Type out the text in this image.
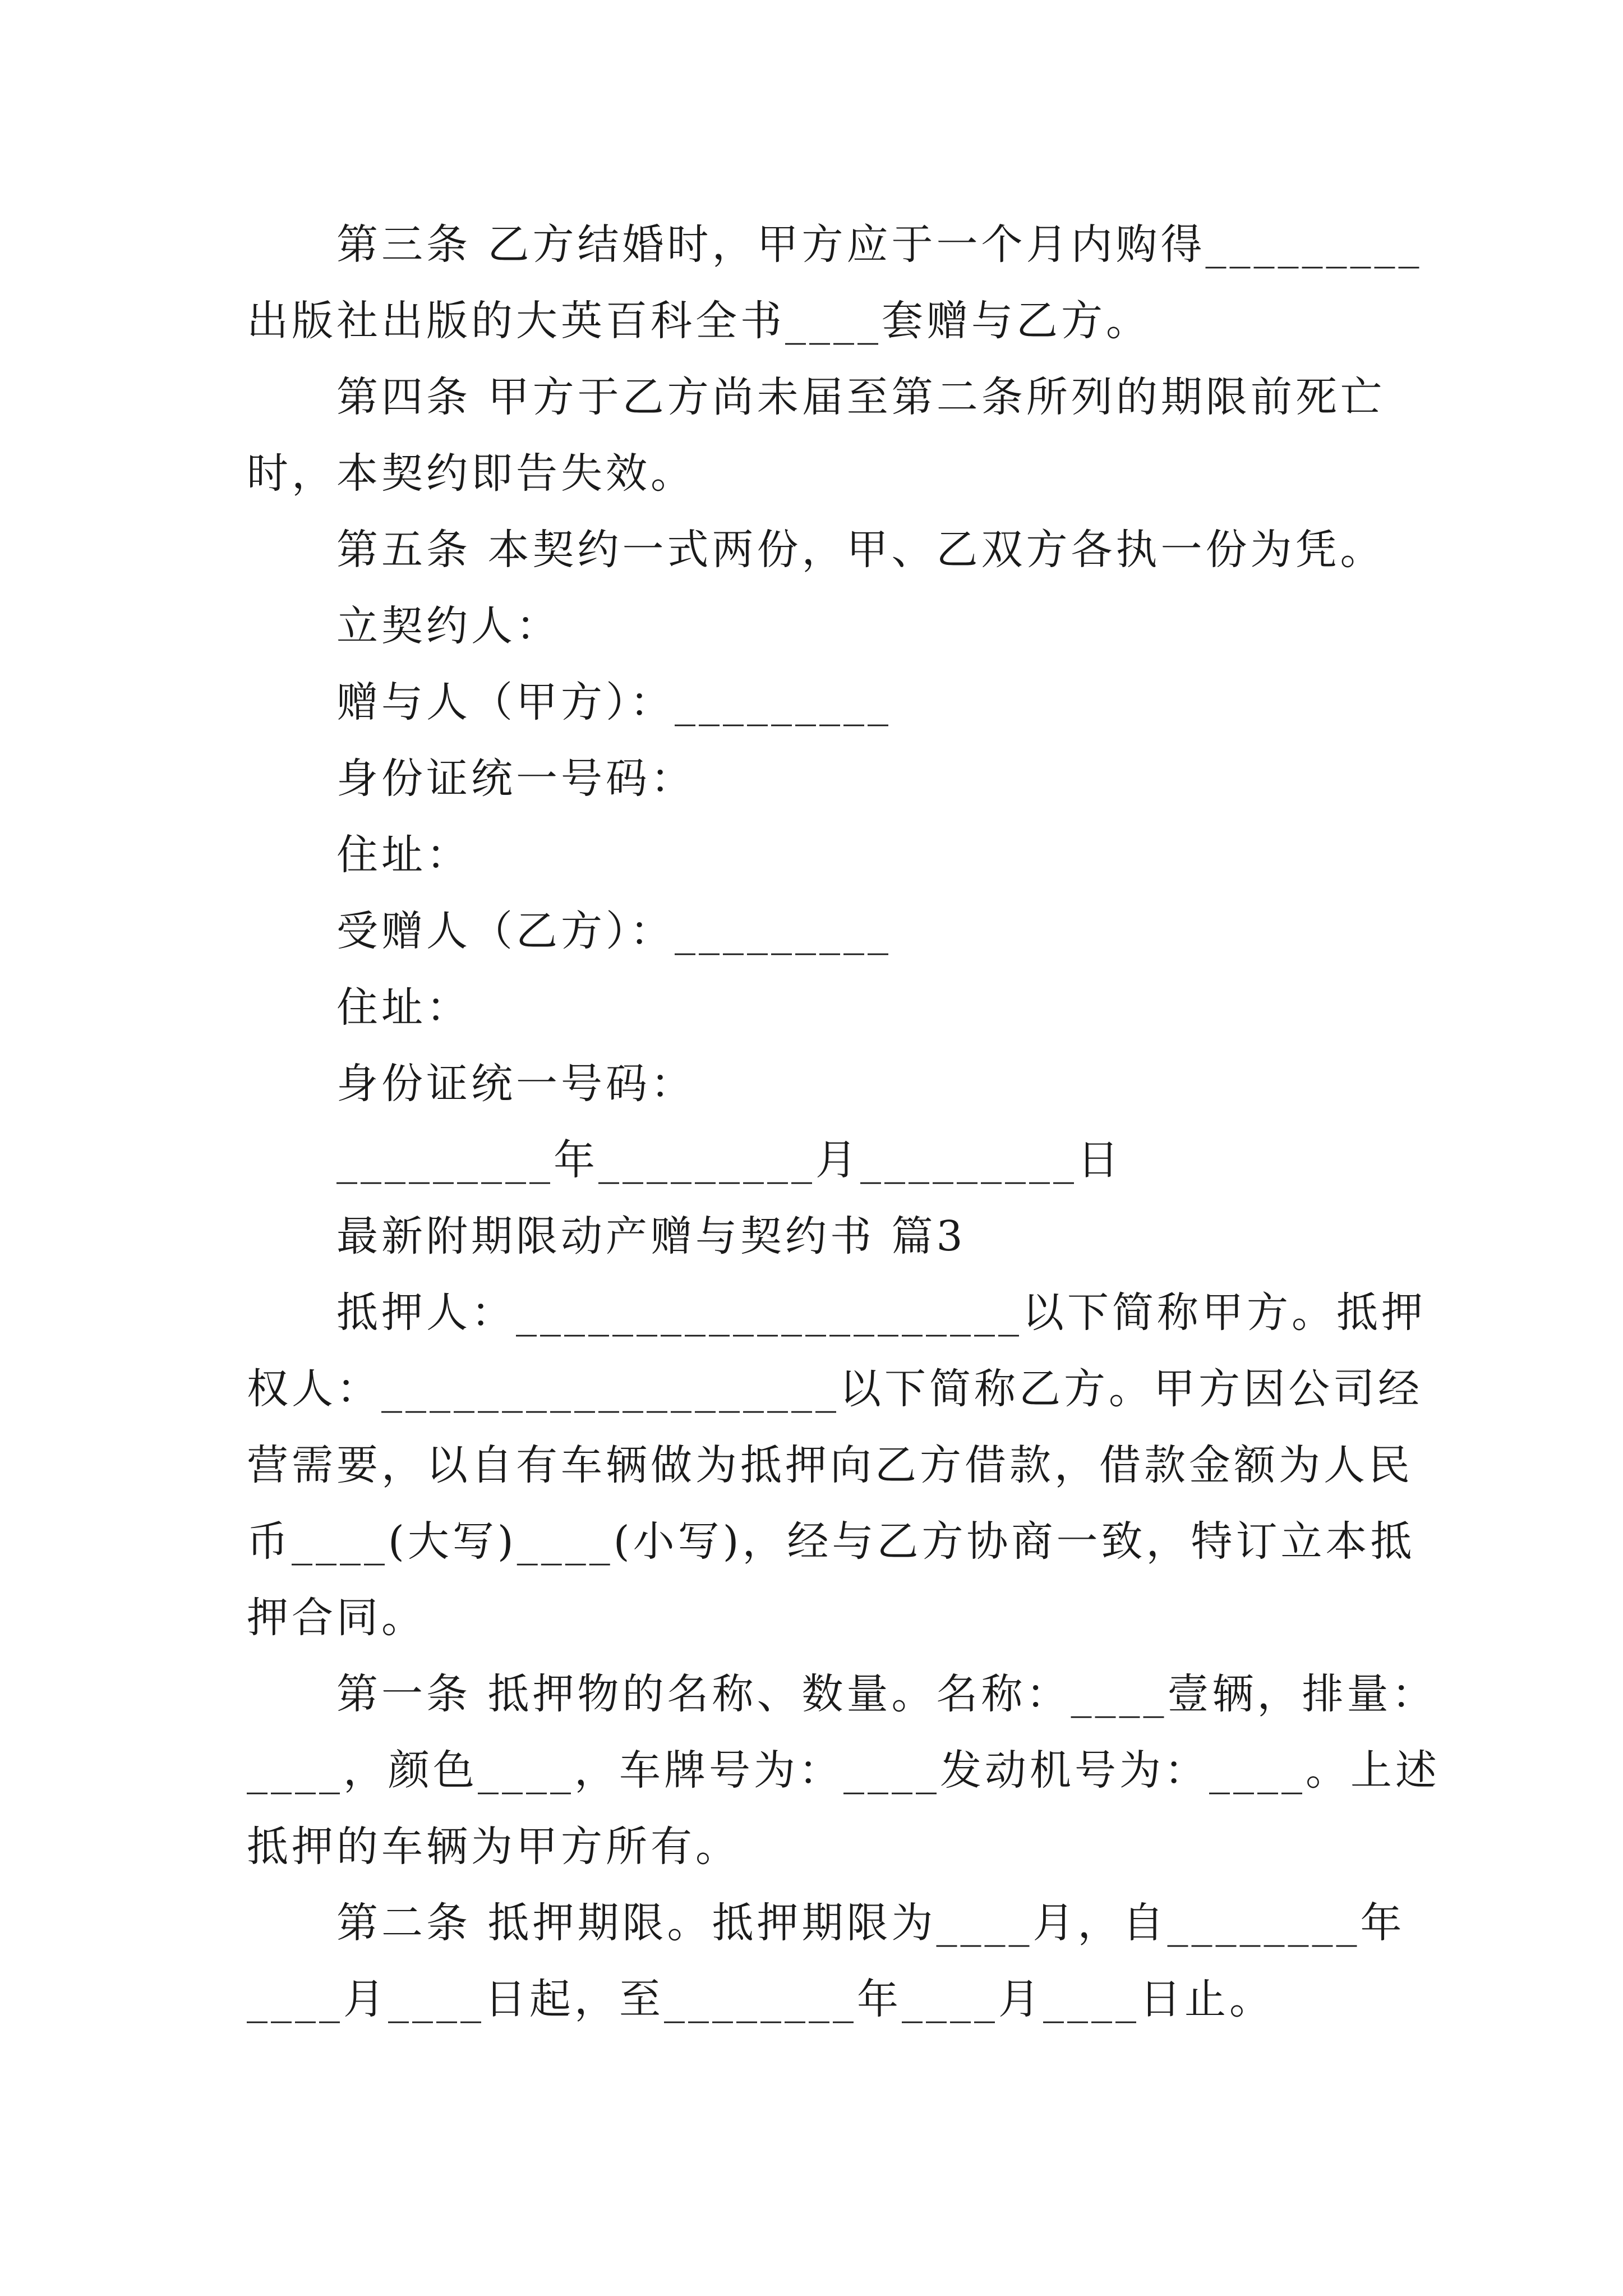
第三条 乙方结婚时，甲方应于一个月内购得_________
出版社出版的大英百科全书____套赠与乙方。
第四条 甲方于乙方尚未届至第二条所列的期限前死亡
时，本契约即告失效。
第五条 本契约一式两份，甲、乙双方各执一份为凭。
立契约人：
赠与人（甲方）：_________
身份证统一号码：
住址：
受赠人（乙方）：_________
住址：
身份证统一号码：
_________年_________月_________日
最新附期限动产赠与契约书 篇3
抵押人：_____________________以下简称甲方。抵押
权人：___________________以下简称乙方。甲方因公司经
营需要，以自有车辆做为抵押向乙方借款，借款金额为人民
币____(大写)____(小写)，经与乙方协商一致，特订立本抵
押合同。
第一条 抵押物的名称、数量。名称：____壹辆，排量：
____，颜色____，车牌号为：____发动机号为：____。上述
抵押的车辆为甲方所有。
第二条 抵押期限。抵押期限为____月，自________年
____月____日起，至________年____月____日止。
